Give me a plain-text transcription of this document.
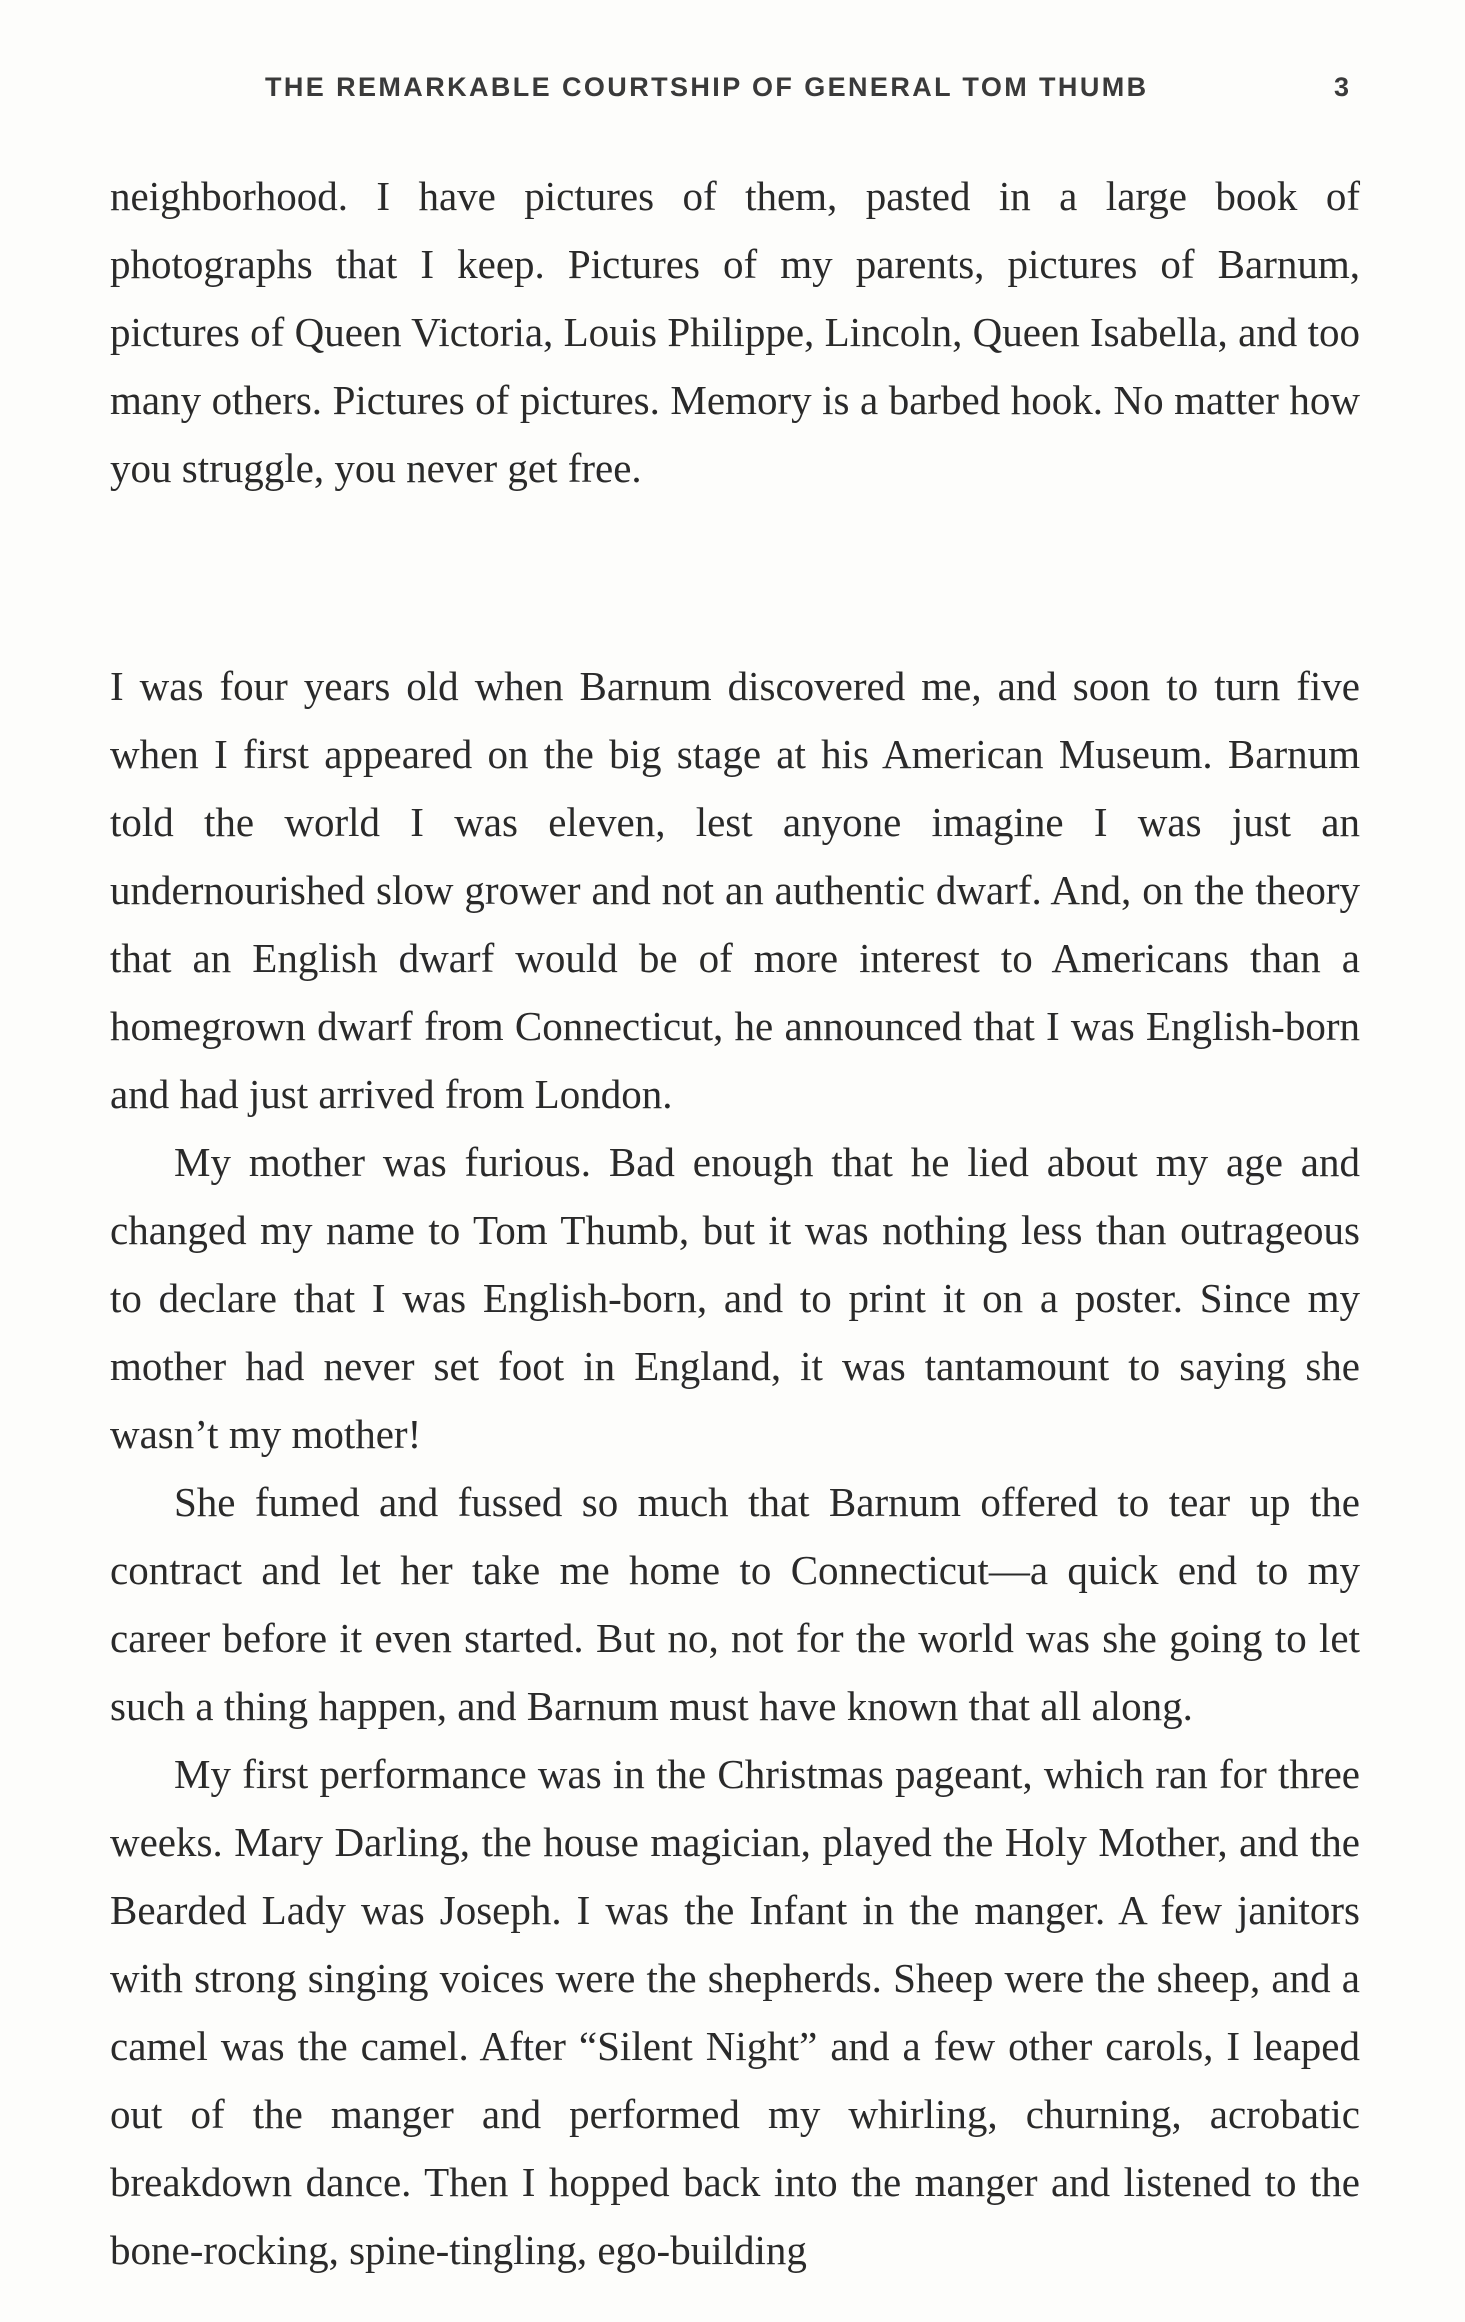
THE REMARKABLE COURTSHIP OF GENERAL TOM THUMB	3

neighborhood. I have pictures of them, pasted in a large book of photographs that I keep. Pictures of my parents, pictures of Barnum, pictures of Queen Victoria, Louis Philippe, Lincoln, Queen Isabella, and too many others. Pictures of pictures. Memory is a barbed hook. No matter how you struggle, you never get free.

I was four years old when Barnum discovered me, and soon to turn five when I first appeared on the big stage at his American Museum. Barnum told the world I was eleven, lest anyone imagine I was just an undernourished slow grower and not an authentic dwarf. And, on the theory that an English dwarf would be of more interest to Americans than a homegrown dwarf from Connecticut, he announced that I was English-born and had just arrived from London.

My mother was furious. Bad enough that he lied about my age and changed my name to Tom Thumb, but it was nothing less than outrageous to declare that I was English-born, and to print it on a poster. Since my mother had never set foot in England, it was tantamount to saying she wasn’t my mother!

She fumed and fussed so much that Barnum offered to tear up the contract and let her take me home to Connecticut—a quick end to my career before it even started. But no, not for the world was she going to let such a thing happen, and Barnum must have known that all along.

My first performance was in the Christmas pageant, which ran for three weeks. Mary Darling, the house magician, played the Holy Mother, and the Bearded Lady was Joseph. I was the Infant in the manger. A few janitors with strong singing voices were the shepherds. Sheep were the sheep, and a camel was the camel. After “Silent Night” and a few other carols, I leaped out of the manger and performed my whirling, churning, acrobatic breakdown dance. Then I hopped back into the manger and listened to the bone-rocking, spine-tingling, ego-building
